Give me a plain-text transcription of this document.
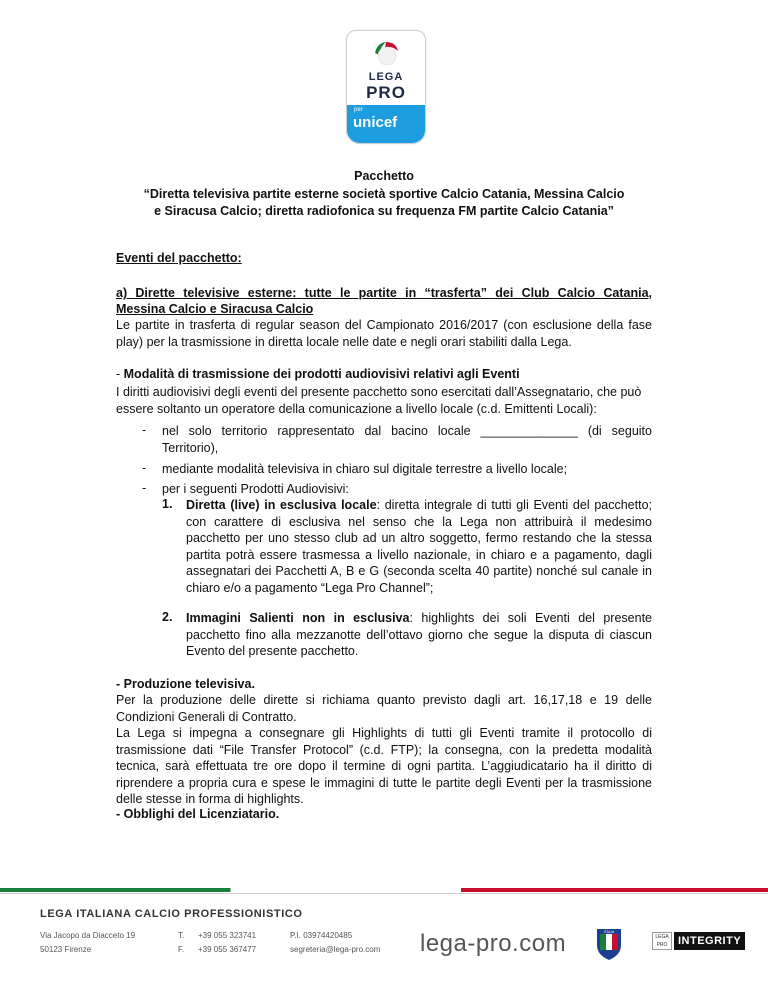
LEGA
PRO
per
unicef
Pacchetto
“Diretta televisiva partite esterne società sportive Calcio Catania, Messina Calcio
e Siracusa Calcio; diretta radiofonica su frequenza FM partite Calcio Catania”
Eventi del pacchetto:
a) Dirette televisive esterne: tutte le partite in “trasferta” dei Club Calcio Catania,
Messina Calcio e Siracusa Calcio
Le partite in trasferta di regular season del Campionato 2016/2017 (con esclusione della fase play) per la trasmissione in diretta locale nelle date e negli orari stabiliti dalla Lega.
- Modalità di trasmissione dei prodotti audiovisivi relativi agli Eventi
I diritti audiovisivi degli eventi del presente pacchetto sono esercitati dall’Assegnatario, che può essere soltanto un operatore della comunicazione a livello locale (c.d. Emittenti Locali):
- nel solo territorio rappresentato dal bacino locale ______________ (di seguito Territorio),
- mediante modalità televisiva in chiaro sul digitale terrestre a livello locale;
- per i seguenti Prodotti Audiovisivi:
1. Diretta (live) in esclusiva locale: diretta integrale di tutti gli Eventi del pacchetto; con carattere di esclusiva nel senso che la Lega non attribuirà il medesimo pacchetto per uno stesso club ad un altro soggetto, fermo restando che la stessa partita potrà essere trasmessa a livello nazionale, in chiaro e a pagamento, dagli assegnatari dei Pacchetti A, B e G (seconda scelta 40 partite) nonché sul canale in chiaro e/o a pagamento “Lega Pro Channel”;
2. Immagini Salienti non in esclusiva: highlights dei soli Eventi del presente pacchetto fino alla mezzanotte dell’ottavo giorno che segue la disputa di ciascun Evento del presente pacchetto.
- Produzione televisiva.
Per la produzione delle dirette si richiama quanto previsto dagli art. 16,17,18 e 19 delle Condizioni Generali di Contratto.
La Lega si impegna a consegnare gli Highlights di tutti gli Eventi tramite il protocollo di trasmissione dati “File Transfer Protocol” (c.d. FTP); la consegna, con la predetta modalità tecnica, sarà effettuata tre ore dopo il termine di ogni partita. L’aggiudicatario ha il diritto di riprendere a propria cura e spese le immagini di tutte le partite degli Eventi per la trasmissione delle stesse in forma di highlights.
- Obblighi del Licenziatario.
LEGA ITALIANA CALCIO PROFESSIONISTICO
Via Jacopo da Diacceto 19
50123 Firenze
T.
F.
+39 055 323741
+39 055 367477
P.I. 03974420485
segreteria@lega-pro.com lega-pro.com	ITALIA
LEGA PRO INTEGRITY
